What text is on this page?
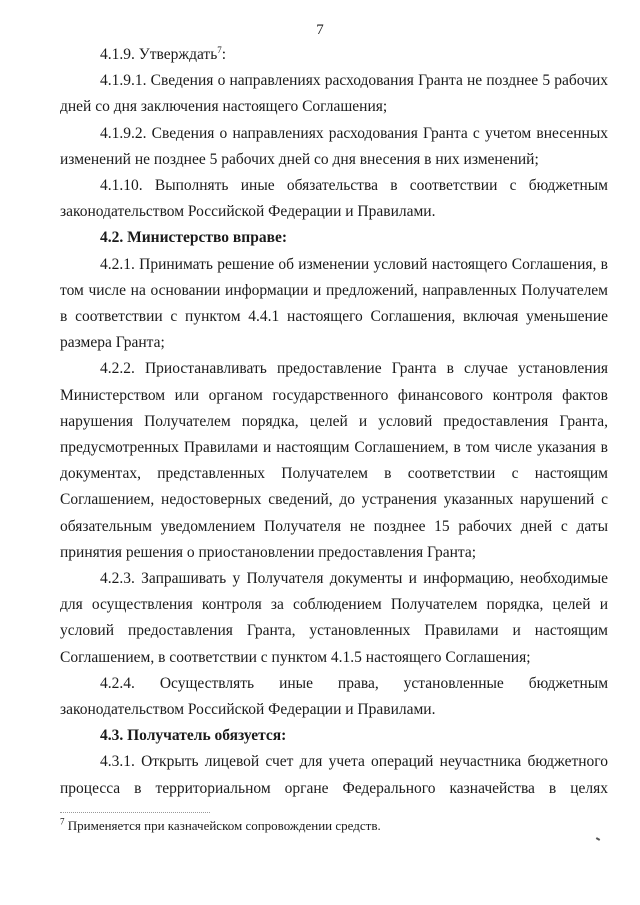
7

4.1.9. Утверждать$^7$:

4.1.9.1. Сведения о направлениях расходования Гранта не позднее 5 рабочих дней со дня заключения настоящего Соглашения;

4.1.9.2. Сведения о направлениях расходования Гранта с учетом внесенных изменений не позднее 5 рабочих дней со дня внесения в них изменений;

4.1.10. Выполнять иные обязательства в соответствии с бюджетным законодательством Российской Федерации и Правилами.

4.2. Министерство вправе:

4.2.1. Принимать решение об изменении условий настоящего Соглашения, в том числе на основании информации и предложений, направленных Получателем в соответствии с пунктом 4.4.1 настоящего Соглашения, включая уменьшение размера Гранта;

4.2.2. Приостанавливать предоставление Гранта в случае установления Министерством или органом государственного финансового контроля фактов нарушения Получателем порядка, целей и условий предоставления Гранта, предусмотренных Правилами и настоящим Соглашением, в том числе указания в документах, представленных Получателем в соответствии с настоящим Соглашением, недостоверных сведений, до устранения указанных нарушений с обязательным уведомлением Получателя не позднее 15 рабочих дней с даты принятия решения о приостановлении предоставления Гранта;

4.2.3. Запрашивать у Получателя документы и информацию, необходимые для осуществления контроля за соблюдением Получателем порядка, целей и условий предоставления Гранта, установленных Правилами и настоящим Соглашением, в соответствии с пунктом 4.1.5 настоящего Соглашения;

4.2.4. Осуществлять иные права, установленные бюджетным законодательством Российской Федерации и Правилами.

4.3. Получатель обязуется:

4.3.1. Открыть лицевой счет для учета операций неучастника бюджетного процесса в территориальном органе Федерального казначейства в целях

$^7$ Применяется при казначейском сопровождении средств.
